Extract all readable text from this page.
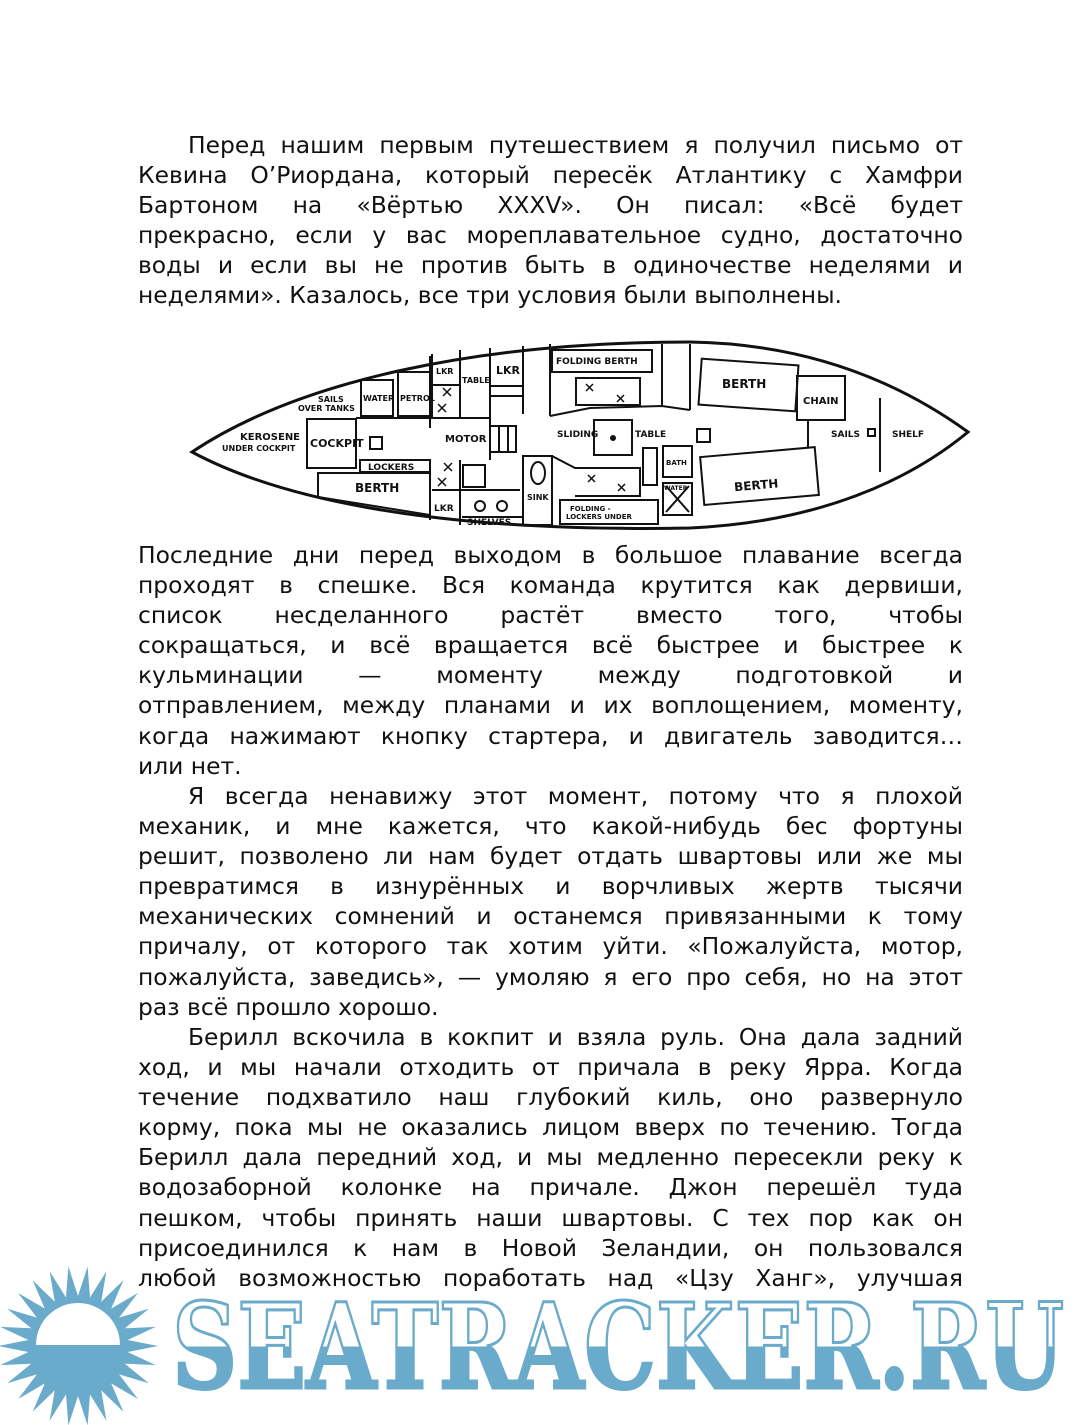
Перед нашим первым путешествием я получил письмо от
Кевина О’Риордана, который пересёк Атлантику с Хамфри
Бартоном на «Вёртью XXXV». Он писал: «Всё будет
прекрасно, если у вас мореплавательное судно, достаточно
воды и если вы не против быть в одиночестве неделями и
неделями». Казалось, все три условия были выполнены.
KEROSENE
UNDER COCKPIT
SAILS
OVER TANKS
COCKPIT
WATER PETROL
LKR
TABLE
LKR
MOTOR
LOCKERS
BERTH
LKR
SHELVES
SINK
FOLDING BERTH
SLIDING	TABLE
FOLDING -
LOCKERS UNDER
BATH
WATER
BERTH
BERTH
CHAIN
SAILS	SHELF
Последние дни перед выходом в большое плавание всегда
проходят в спешке. Вся команда крутится как дервиши,
список несделанного растёт вместо того, чтобы
сокращаться, и всё вращается всё быстрее и быстрее к
кульминации — моменту между подготовкой и
отправлением, между планами и их воплощением, моменту,
когда нажимают кнопку стартера, и двигатель заводится…
или нет.
Я всегда ненавижу этот момент, потому что я плохой
механик, и мне кажется, что какой-нибудь бес фортуны
решит, позволено ли нам будет отдать швартовы или же мы
превратимся в изнурённых и ворчливых жертв тысячи
механических сомнений и останемся привязанными к тому
причалу, от которого так хотим уйти. «Пожалуйста, мотор,
пожалуйста, заведись», — умоляю я его про себя, но на этот
раз всё прошло хорошо.
Берилл вскочила в кокпит и взяла руль. Она дала задний
ход, и мы начали отходить от причала в реку Ярра. Когда
течение подхватило наш глубокий киль, оно развернуло
корму, пока мы не оказались лицом вверх по течению. Тогда
Берилл дала передний ход, и мы медленно пересекли реку к
водозаборной колонке на причале. Джон перешёл туда
пешком, чтобы принять наши швартовы. С тех пор как он
присоединился к нам в Новой Зеландии, он пользовался
любой возможностью поработать над «Цзу Ханг», улучшая
SEATRACKER.RU
